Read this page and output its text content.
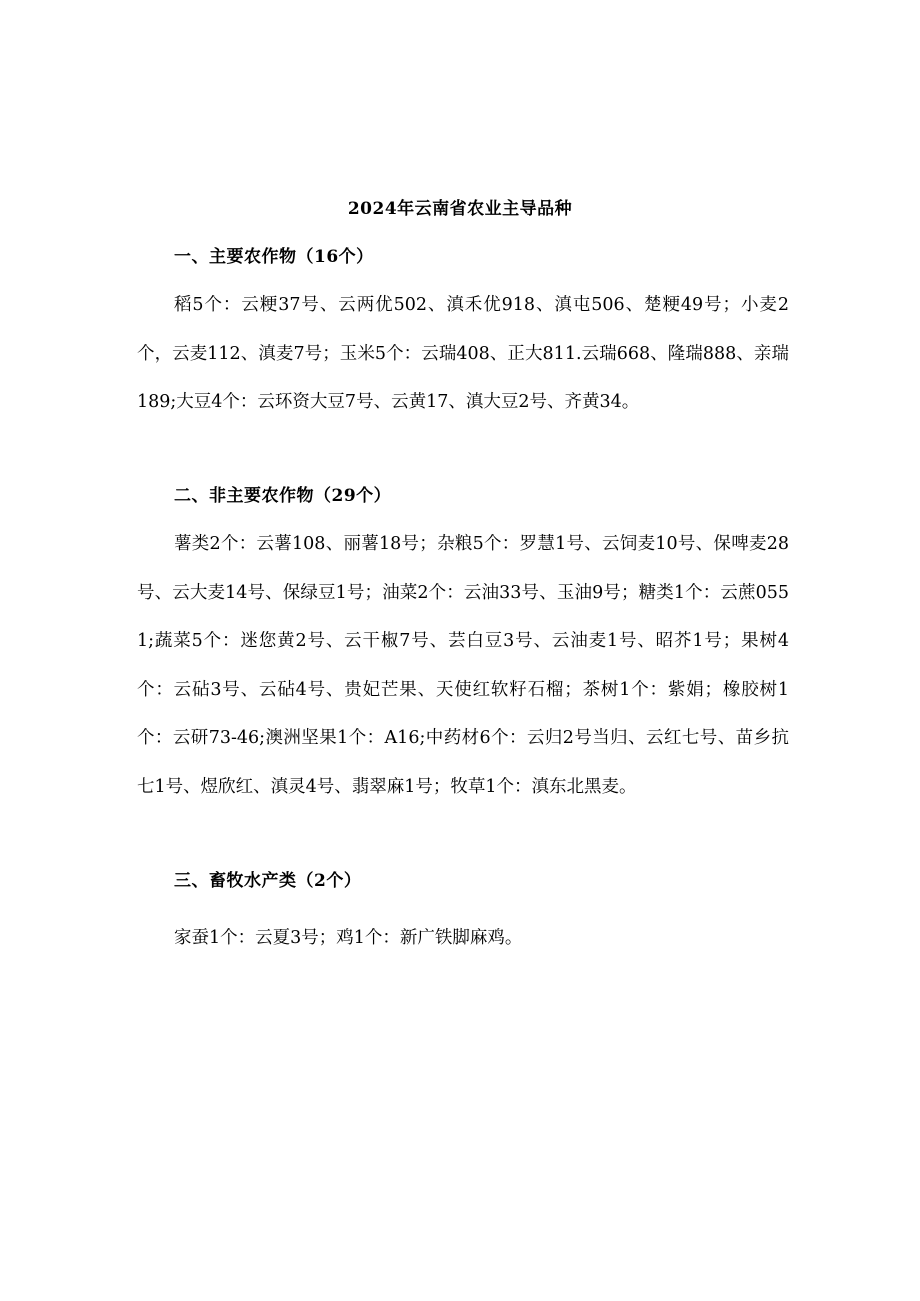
2024年云南省农业主导品种
一、主要农作物（16个）
稻5个：云粳37号、云两优502、滇禾优918、滇屯506、楚粳49号；小麦2个，云麦112、滇麦7号；玉米5个：云瑞408、正大811.云瑞668、隆瑞888、亲瑞189;大豆4个：云环资大豆7号、云黄17、滇大豆2号、齐黄34。
二、非主要农作物（29个）
薯类2个：云薯108、丽薯18号；杂粮5个：罗慧1号、云饲麦10号、保啤麦28号、云大麦14号、保绿豆1号；油菜2个：云油33号、玉油9号；糖类1个：云蔗0551;蔬菜5个：迷您黄2号、云干椒7号、芸白豆3号、云油麦1号、昭芥1号；果树4个：云砧3号、云砧4号、贵妃芒果、天使红软籽石榴；茶树1个：紫娟；橡胶树1个：云研73-46;澳洲坚果1个：A16;中药材6个：云归2号当归、云红七号、苗乡抗七1号、煜欣红、滇灵4号、翡翠麻1号；牧草1个：滇东北黑麦。
三、畜牧水产类（2个）
家蚕1个：云夏3号；鸡1个：新广铁脚麻鸡。
